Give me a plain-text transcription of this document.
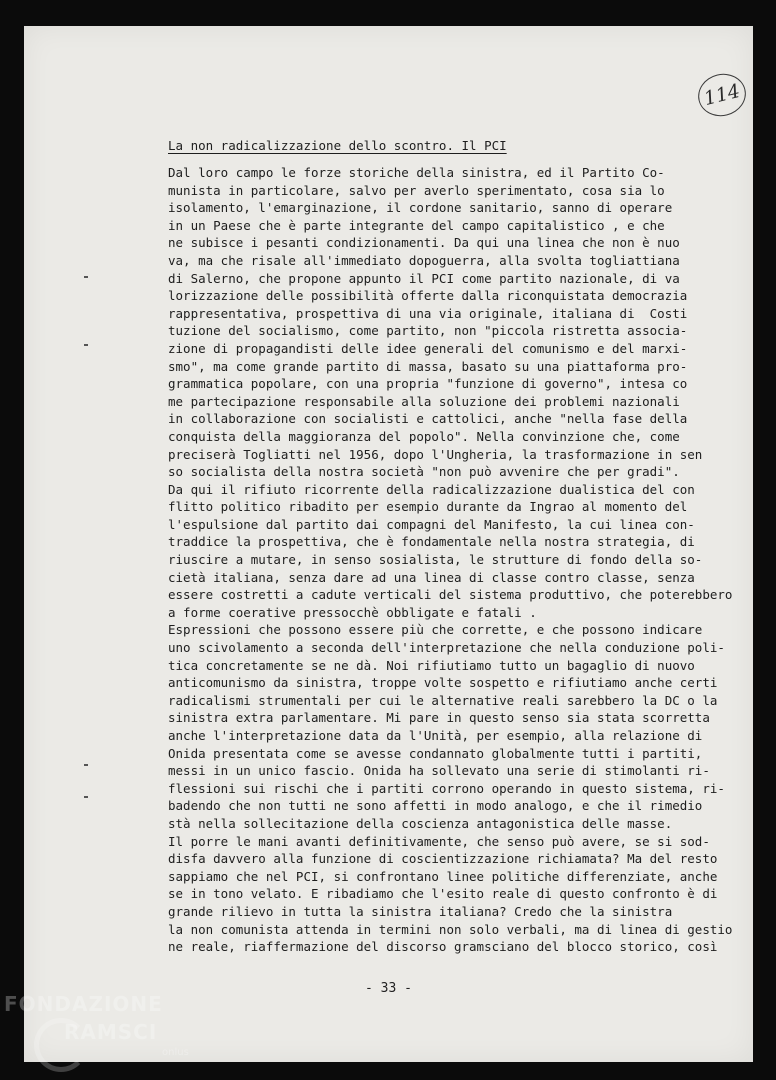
114
La non radicalizzazione dello scontro. Il PCI
Dal loro campo le forze storiche della sinistra, ed il Partito Co-
munista in particolare, salvo per averlo sperimentato, cosa sia lo
isolamento, l'emarginazione, il cordone sanitario, sanno di operare
in un Paese che è parte integrante del campo capitalistico , e che
ne subisce i pesanti condizionamenti. Da qui una linea che non è nuo
va, ma che risale all'immediato dopoguerra, alla svolta togliattiana
di Salerno, che propone appunto il PCI come partito nazionale, di va
lorizzazione delle possibilità offerte dalla riconquistata democrazia
rappresentativa, prospettiva di una via originale, italiana di  Costi
tuzione del socialismo, come partito, non "piccola ristretta associa-
zione di propagandisti delle idee generali del comunismo e del marxi-
smo", ma come grande partito di massa, basato su una piattaforma pro-
grammatica popolare, con una propria "funzione di governo", intesa co
me partecipazione responsabile alla soluzione dei problemi nazionali
in collaborazione con socialisti e cattolici, anche "nella fase della
conquista della maggioranza del popolo". Nella convinzione che, come
preciserà Togliatti nel 1956, dopo l'Ungheria, la trasformazione in sen
so socialista della nostra società "non può avvenire che per gradi".
Da qui il rifiuto ricorrente della radicalizzazione dualistica del con
flitto politico ribadito per esempio durante da Ingrao al momento del
l'espulsione dal partito dai compagni del Manifesto, la cui linea con-
traddice la prospettiva, che è fondamentale nella nostra strategia, di
riuscire a mutare, in senso sosialista, le strutture di fondo della so-
cietà italiana, senza dare ad una linea di classe contro classe, senza
essere costretti a cadute verticali del sistema produttivo, che poterebbero
a forme coerative pressocchè obbligate e fatali .
Espressioni che possono essere più che corrette, e che possono indicare
uno scivolamento a seconda dell'interpretazione che nella conduzione poli-
tica concretamente se ne dà. Noi rifiutiamo tutto un bagaglio di nuovo
anticomunismo da sinistra, troppe volte sospetto e rifiutiamo anche certi
radicalismi strumentali per cui le alternative reali sarebbero la DC o la
sinistra extra parlamentare. Mi pare in questo senso sia stata scorretta
anche l'interpretazione data da l'Unità, per esempio, alla relazione di
Onida presentata come se avesse condannato globalmente tutti i partiti,
messi in un unico fascio. Onida ha sollevato una serie di stimolanti ri-
flessioni sui rischi che i partiti corrono operando in questo sistema, ri-
badendo che non tutti ne sono affetti in modo analogo, e che il rimedio
stà nella sollecitazione della coscienza antagonistica delle masse.
Il porre le mani avanti definitivamente, che senso può avere, se si sod-
disfa davvero alla funzione di coscientizzazione richiamata? Ma del resto
sappiamo che nel PCI, si confrontano linee politiche differenziate, anche
se in tono velato. E ribadiamo che l'esito reale di questo confronto è di
grande rilievo in tutta la sinistra italiana? Credo che la sinistra
la non comunista attenda in termini non solo verbali, ma di linea di gestio
ne reale, riaffermazione del discorso gramsciano del blocco storico, così
- 33 -
FONDAZIONE
RAMSCI
onlus
